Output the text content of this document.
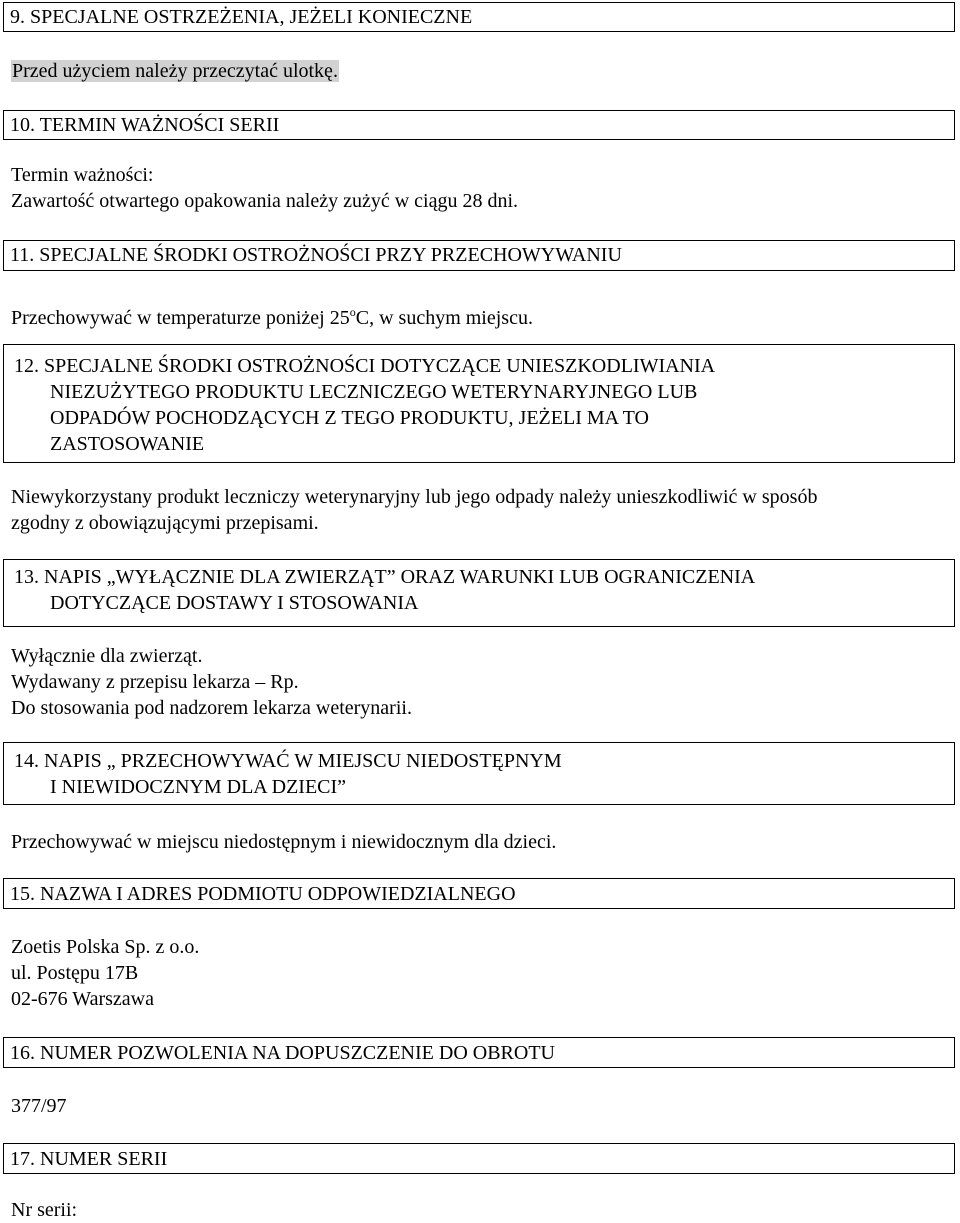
9. SPECJALNE OSTRZEŻENIA, JEŻELI KONIECZNE
Przed użyciem należy przeczytać ulotkę.
10. TERMIN WAŻNOŚCI SERII
Termin ważności:
Zawartość otwartego opakowania należy zużyć w ciągu 28 dni.
11. SPECJALNE ŚRODKI OSTROŻNOŚCI PRZY PRZECHOWYWANIU
Przechowywać w temperaturze poniżej 25$^o$C, w suchym miejscu.
12. SPECJALNE ŚRODKI OSTROŻNOŚCI DOTYCZĄCE UNIESZKODLIWIANIA
NIEZUŻYTEGO PRODUKTU LECZNICZEGO WETERYNARYJNEGO LUB
ODPADÓW POCHODZĄCYCH Z TEGO PRODUKTU, JEŻELI MA TO
ZASTOSOWANIE
Niewykorzystany produkt leczniczy weterynaryjny lub jego odpady należy unieszkodliwić w sposób
zgodny z obowiązującymi przepisami.
13. NAPIS „WYŁĄCZNIE DLA ZWIERZĄT” ORAZ WARUNKI LUB OGRANICZENIA
DOTYCZĄCE DOSTAWY I STOSOWANIA
Wyłącznie dla zwierząt.
Wydawany z przepisu lekarza – Rp.
Do stosowania pod nadzorem lekarza weterynarii.
14. NAPIS „ PRZECHOWYWAĆ W MIEJSCU NIEDOSTĘPNYM
I NIEWIDOCZNYM DLA DZIECI”
Przechowywać w miejscu niedostępnym i niewidocznym dla dzieci.
15. NAZWA I ADRES PODMIOTU ODPOWIEDZIALNEGO
Zoetis Polska Sp. z o.o.
ul. Postępu 17B
02-676 Warszawa
16. NUMER POZWOLENIA NA DOPUSZCZENIE DO OBROTU
377/97
17. NUMER SERII
Nr serii:
